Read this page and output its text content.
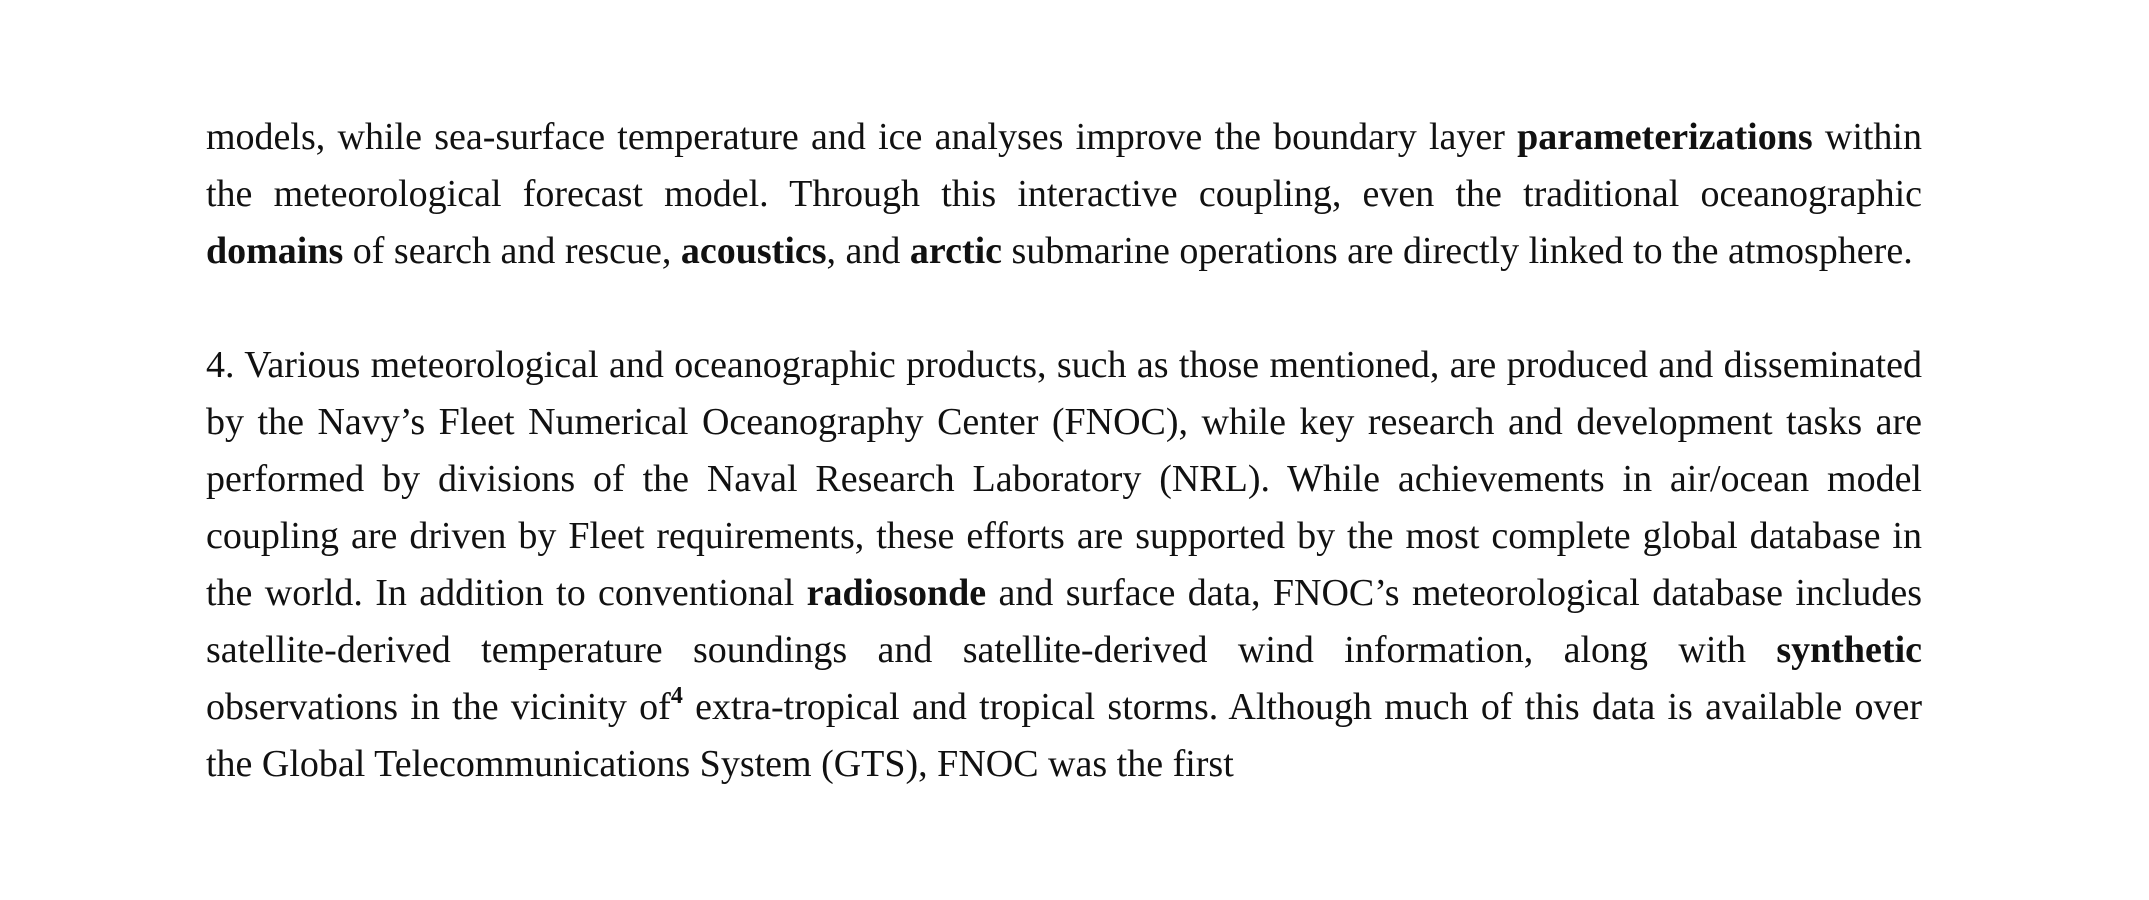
models, while sea-surface temperature and ice analyses improve the boundary layer parameterizations within the meteorological forecast model. Through this interactive coupling, even the traditional oceanographic domains of search and rescue, acoustics, and arctic submarine operations are directly linked to the atmosphere.

4. Various meteorological and oceanographic products, such as those mentioned, are produced and disseminated by the Navy’s Fleet Numerical Oceanography Center (FNOC), while key research and development tasks are performed by divisions of the Naval Research Laboratory (NRL). While achievements in air/ocean model coupling are driven by Fleet requirements, these efforts are supported by the most complete global database in the world. In addition to conventional radiosonde and surface data, FNOC’s meteorological database includes satellite-derived temperature soundings and satellite-derived wind information, along with synthetic observations in the vicinity $of^4$ extra-tropical and tropical storms. Although much of this data is available over the Global Telecommunications System (GTS), FNOC was the first
